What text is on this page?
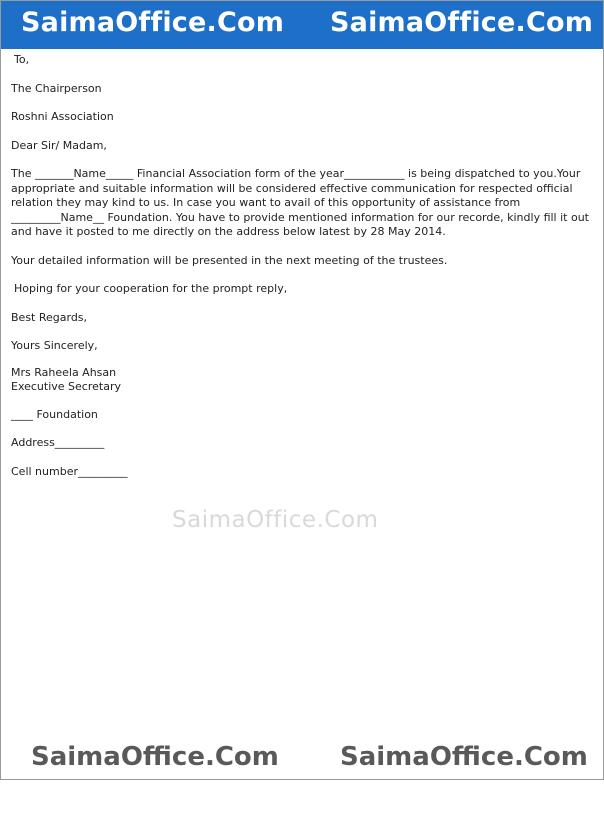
SaimaOffice.Com SaimaOffice.Com

To,

The Chairperson

Roshni Association

Dear Sir/ Madam,

The _______Name_____ Financial Association form of the year___________ is being dispatched to you.Your appropriate and suitable information will be considered effective communication for respected official relation they may kind to us. In case you want to avail of this opportunity of assistance from _________Name__ Foundation. You have to provide mentioned information for our recorde, kindly fill it out and have it posted to me directly on the address below latest by 28 May 2014.

Your detailed information will be presented in the next meeting of the trustees.

Hoping for your cooperation for the prompt reply,

Best Regards,

Yours Sincerely,

Mrs Raheela Ahsan

Executive Secretary

____ Foundation

Address_________

Cell number_________

SaimaOffice.Com
SaimaOffice.Com SaimaOffice.Com
